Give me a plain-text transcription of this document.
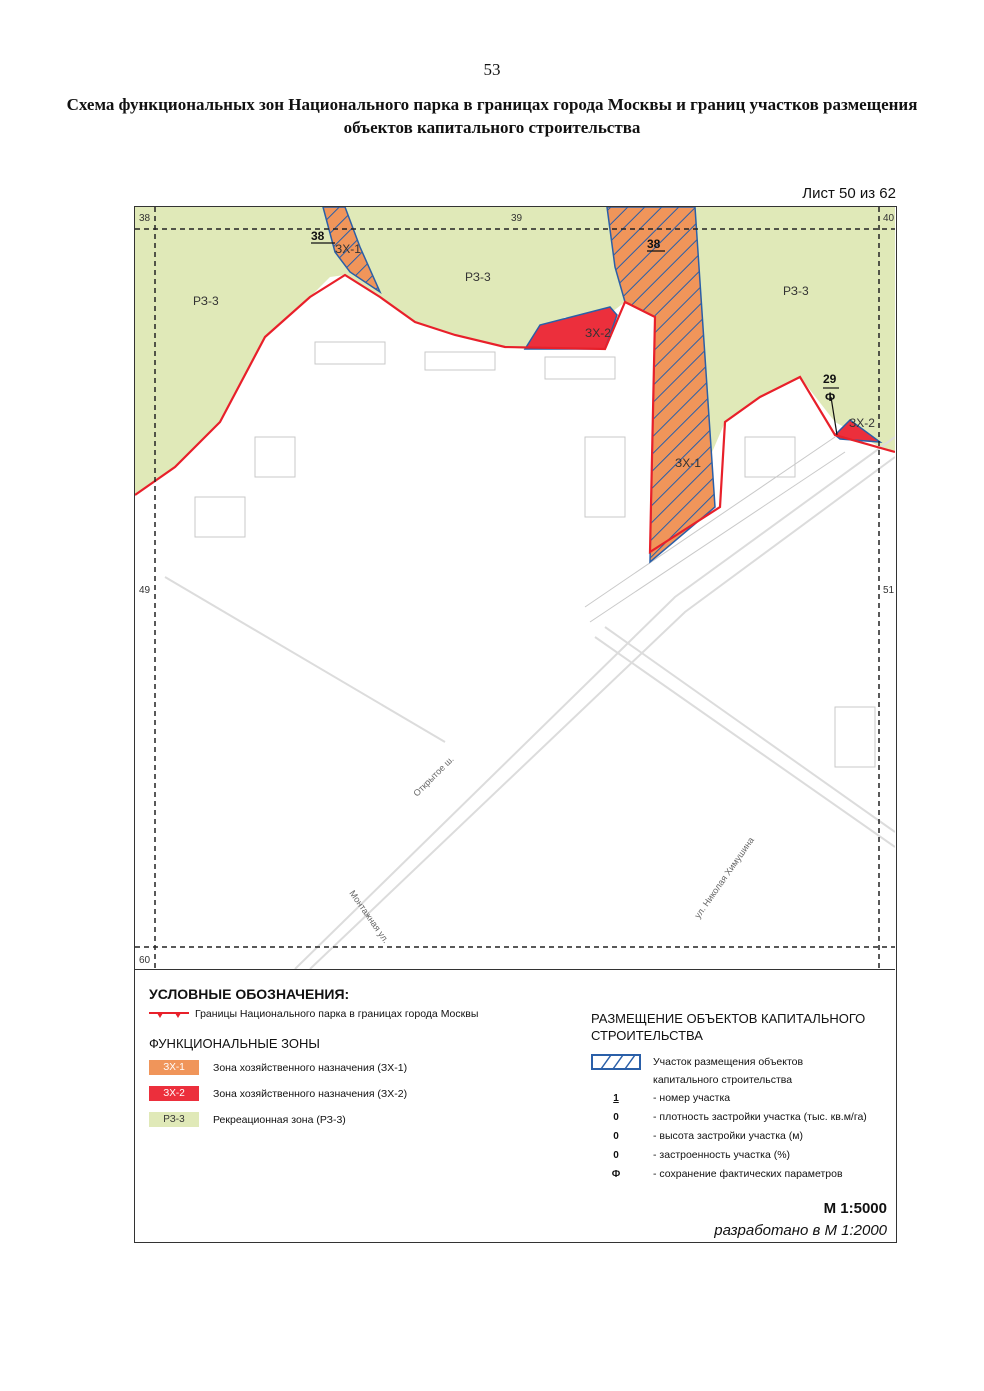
53
Схема функциональных зон Национального парка в границах города Москвы и границ участков размещения объектов капитального строительства
Лист 50 из 62
38	39	40
49	51
60
РЗ-3
РЗ-3
РЗ-3
ЗХ-1
ЗХ-2
ЗХ-1
ЗХ-2
38
38
29
Ф
Открытое ш.
Монтажная ул.	ул. Николая Химушина
УСЛОВНЫЕ ОБОЗНАЧЕНИЯ:
Границы Национального парка в границах города Москвы
ФУНКЦИОНАЛЬНЫЕ ЗОНЫ
ЗХ-1	Зона хозяйственного назначения (ЗХ-1)
ЗХ-2	Зона хозяйственного назначения (ЗХ-2)
РЗ-3	Рекреационная зона (РЗ-3)
РАЗМЕЩЕНИЕ ОБЪЕКТОВ КАПИТАЛЬНОГО СТРОИТЕЛЬСТВА
Участок размещения объектов
капитального строительства
1	- номер участка
0	- плотность застройки участка (тыс. кв.м/га)
0	- высота застройки участка (м)
0	- застроенность участка (%)
Ф	- сохранение фактических параметров
М 1:5000
разработано в М 1:2000
